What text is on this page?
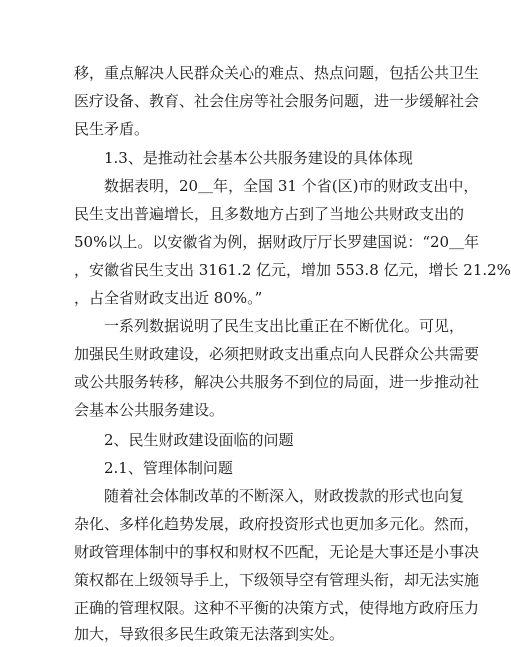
移，重点解决人民群众关心的难点、热点问题，包括公共卫生
医疗设备、教育、社会住房等社会服务问题，进一步缓解社会
民生矛盾。
1.3、是推动社会基本公共服务建设的具体体现
数据表明，20＿年，全国 31 个省(区)市的财政支出中，
民生支出普遍增长，且多数地方占到了当地公共财政支出的
50%以上。以安徽省为例，据财政厅厅长罗建国说：“20＿年
，安徽省民生支出 3161.2 亿元，增加 553.8 亿元，增长 21.2%
，占全省财政支出近 80%。”
一系列数据说明了民生支出比重正在不断优化。可见，
加强民生财政建设，必须把财政支出重点向人民群众公共需要
或公共服务转移，解决公共服务不到位的局面，进一步推动社
会基本公共服务建设。
2、民生财政建设面临的问题
2.1、管理体制问题
随着社会体制改革的不断深入，财政拨款的形式也向复
杂化、多样化趋势发展，政府投资形式也更加多元化。然而，
财政管理体制中的事权和财权不匹配，无论是大事还是小事决
策权都在上级领导手上，下级领导空有管理头衔，却无法实施
正确的管理权限。这种不平衡的决策方式，使得地方政府压力
加大，导致很多民生政策无法落到实处。
